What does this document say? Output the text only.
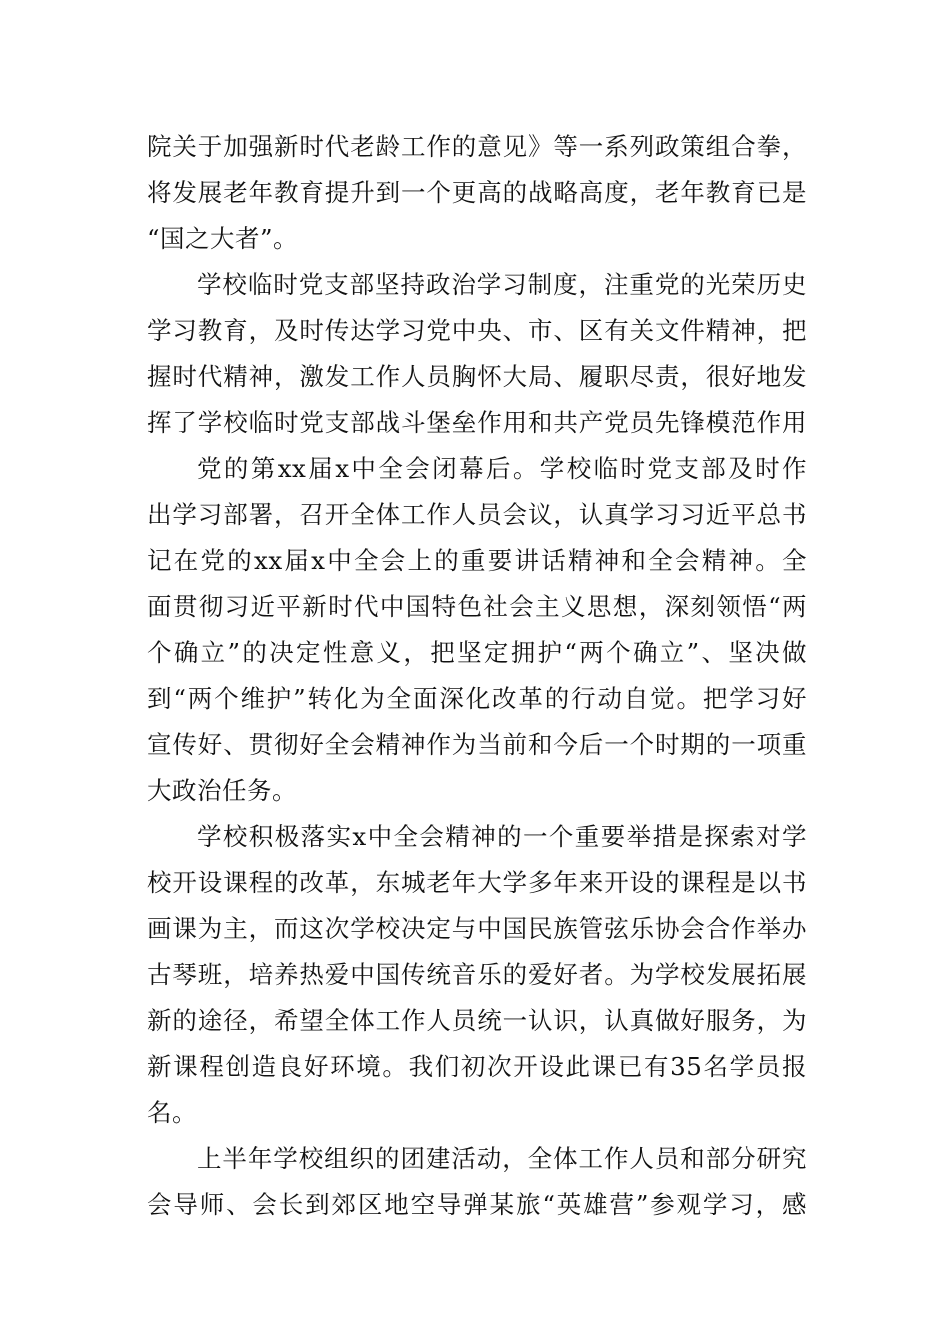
院关于加强新时代老龄工作的意见》等一系列政策组合拳，
将发展老年教育提升到一个更高的战略高度，老年教育已是
“国之大者”。
学校临时党支部坚持政治学习制度，注重党的光荣历史
学习教育，及时传达学习党中央、市、区有关文件精神，把
握时代精神，激发工作人员胸怀大局、履职尽责，很好地发
挥了学校临时党支部战斗堡垒作用和共产党员先锋模范作用
党的第xx届x中全会闭幕后。学校临时党支部及时作
出学习部署，召开全体工作人员会议，认真学习习近平总书
记在党的xx届x中全会上的重要讲话精神和全会精神。全
面贯彻习近平新时代中国特色社会主义思想，深刻领悟“两
个确立”的决定性意义，把坚定拥护“两个确立”、坚决做
到“两个维护”转化为全面深化改革的行动自觉。把学习好
宣传好、贯彻好全会精神作为当前和今后一个时期的一项重
大政治任务。
学校积极落实x中全会精神的一个重要举措是探索对学
校开设课程的改革，东城老年大学多年来开设的课程是以书
画课为主，而这次学校决定与中国民族管弦乐协会合作举办
古琴班，培养热爱中国传统音乐的爱好者。为学校发展拓展
新的途径，希望全体工作人员统一认识，认真做好服务，为
新课程创造良好环境。我们初次开设此课已有35名学员报
名。
上半年学校组织的团建活动，全体工作人员和部分研究
会导师、会长到郊区地空导弹某旅“英雄营”参观学习，感
